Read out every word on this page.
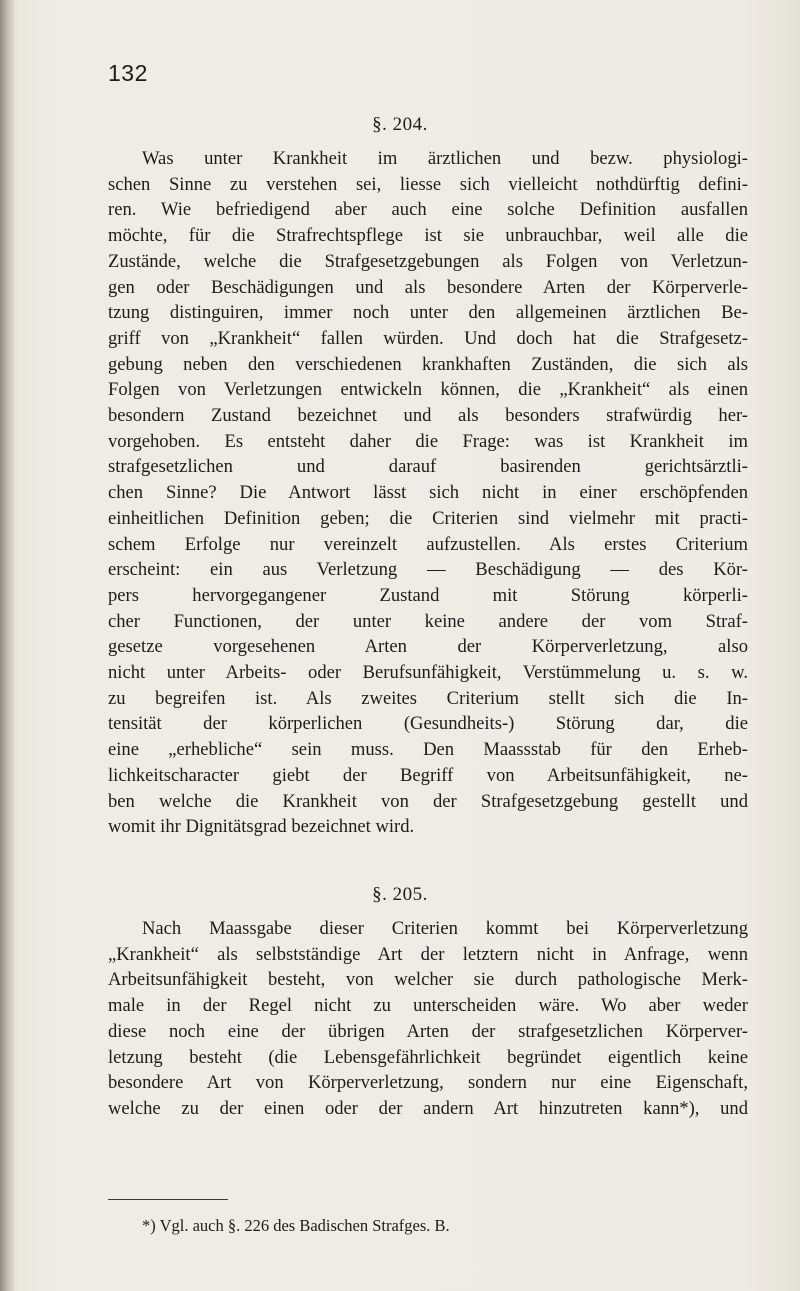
132
§. 204.
Was unter Krankheit im ärztlichen und bezw. physiologi-
schen Sinne zu verstehen sei, liesse sich vielleicht nothdürftig defini-
ren. Wie befriedigend aber auch eine solche Definition ausfallen
möchte, für die Strafrechtspflege ist sie unbrauchbar, weil alle die
Zustände, welche die Strafgesetzgebungen als Folgen von Verletzun-
gen oder Beschädigungen und als besondere Arten der Körperverle-
tzung distinguiren, immer noch unter den allgemeinen ärztlichen Be-
griff von „Krankheit“ fallen würden. Und doch hat die Strafgesetz-
gebung neben den verschiedenen krankhaften Zuständen, die sich als
Folgen von Verletzungen entwickeln können, die „Krankheit“ als einen
besondern Zustand bezeichnet und als besonders strafwürdig her-
vorgehoben. Es entsteht daher die Frage: was ist Krankheit im
strafgesetzlichen und darauf basirenden gerichtsärztli-
chen Sinne? Die Antwort lässt sich nicht in einer erschöpfenden
einheitlichen Definition geben; die Criterien sind vielmehr mit practi-
schem Erfolge nur vereinzelt aufzustellen. Als erstes Criterium
erscheint: ein aus Verletzung — Beschädigung — des Kör-
pers hervorgegangener Zustand mit Störung körperli-
cher Functionen, der unter keine andere der vom Straf-
gesetze vorgesehenen Arten der Körperverletzung, also
nicht unter Arbeits- oder Berufsunfähigkeit, Verstümmelung u. s. w.
zu begreifen ist. Als zweites Criterium stellt sich die In-
tensität der körperlichen (Gesundheits-) Störung dar, die
eine „erhebliche“ sein muss. Den Maassstab für den Erheb-
lichkeitscharacter giebt der Begriff von Arbeitsunfähigkeit, ne-
ben welche die Krankheit von der Strafgesetzgebung gestellt und
womit ihr Dignitätsgrad bezeichnet wird.
§. 205.
Nach Maassgabe dieser Criterien kommt bei Körperverletzung
„Krankheit“ als selbstständige Art der letztern nicht in Anfrage, wenn
Arbeitsunfähigkeit besteht, von welcher sie durch pathologische Merk-
male in der Regel nicht zu unterscheiden wäre. Wo aber weder
diese noch eine der übrigen Arten der strafgesetzlichen Körperver-
letzung besteht (die Lebensgefährlichkeit begründet eigentlich keine
besondere Art von Körperverletzung, sondern nur eine Eigenschaft,
welche zu der einen oder der andern Art hinzutreten kann*), und
*) Vgl. auch §. 226 des Badischen Strafges. B.
